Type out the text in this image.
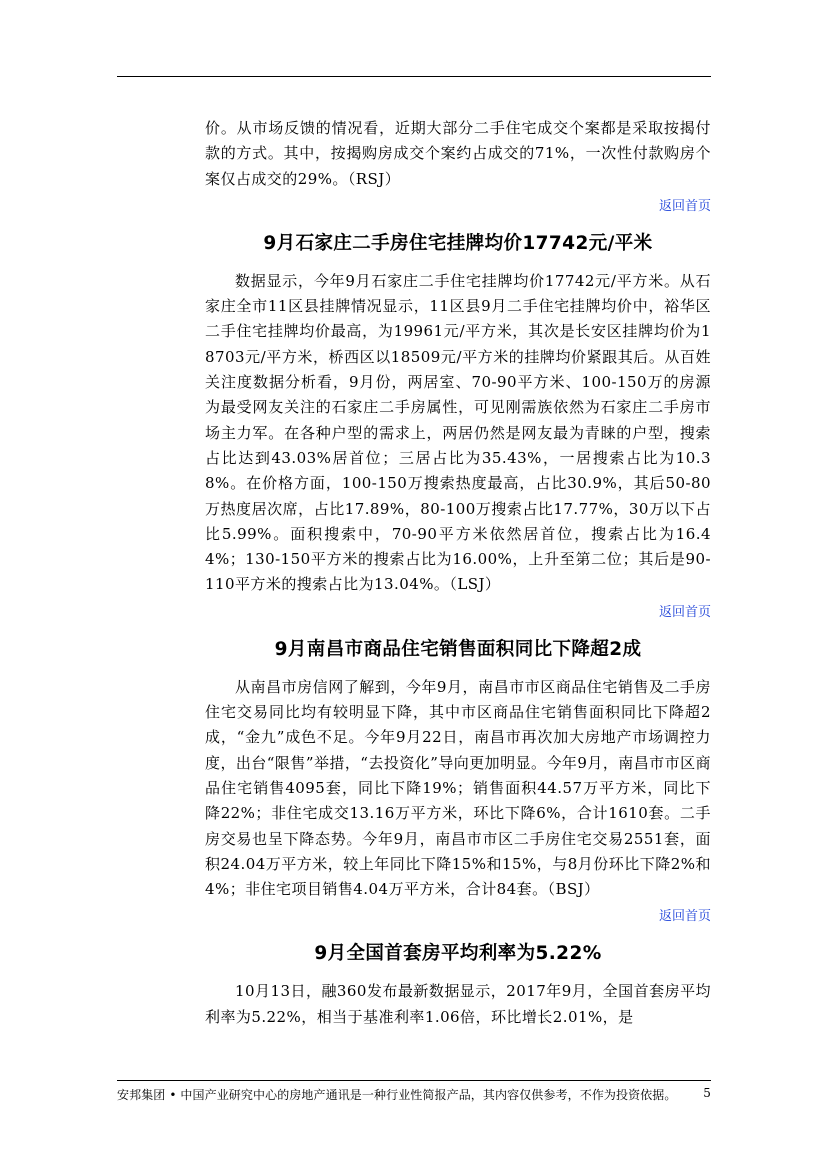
价。从市场反馈的情况看，近期大部分二手住宅成交个案都是采取按揭付款的方式。其中，按揭购房成交个案约占成交的71%，一次性付款购房个案仅占成交的29%。（RSJ）

返回首页
9月石家庄二手房住宅挂牌均价17742元/平米

数据显示，今年9月石家庄二手住宅挂牌均价17742元/平方米。从石家庄全市11区县挂牌情况显示，11区县9月二手住宅挂牌均价中，裕华区二手住宅挂牌均价最高，为19961元/平方米，其次是长安区挂牌均价为18703元/平方米，桥西区以18509元/平方米的挂牌均价紧跟其后。从百姓关注度数据分析看，9月份，两居室、70-90平方米、100-150万的房源为最受网友关注的石家庄二手房属性，可见刚需族依然为石家庄二手房市场主力军。在各种户型的需求上，两居仍然是网友最为青睐的户型，搜索占比达到43.03%居首位；三居占比为35.43%，一居搜索占比为10.38%。在价格方面，100-150万搜索热度最高，占比30.9%，其后50-80万热度居次席，占比17.89%，80-100万搜索占比17.77%，30万以下占比5.99%。面积搜索中，70-90平方米依然居首位，搜索占比为16.44%；130-150平方米的搜索占比为16.00%，上升至第二位；其后是90-110平方米的搜索占比为13.04%。（LSJ）

返回首页
9月南昌市商品住宅销售面积同比下降超2成

从南昌市房信网了解到，今年9月，南昌市市区商品住宅销售及二手房住宅交易同比均有较明显下降，其中市区商品住宅销售面积同比下降超2成，“金九”成色不足。今年9月22日，南昌市再次加大房地产市场调控力度，出台“限售”举措，“去投资化”导向更加明显。今年9月，南昌市市区商品住宅销售4095套，同比下降19%；销售面积44.57万平方米，同比下降22%；非住宅成交13.16万平方米，环比下降6%，合计1610套。二手房交易也呈下降态势。今年9月，南昌市市区二手房住宅交易2551套，面积24.04万平方米，较上年同比下降15%和15%，与8月份环比下降2%和4%；非住宅项目销售4.04万平方米，合计84套。（BSJ）

返回首页
9月全国首套房平均利率为5.22%

10月13日，融360发布最新数据显示，2017年9月，全国首套房平均利率为5.22%，相当于基准利率1.06倍，环比增长2.01%，是

安邦集团 • 中国产业研究中心的房地产通讯是一种行业性简报产品，其内容仅供参考，不作为投资依据。 5
